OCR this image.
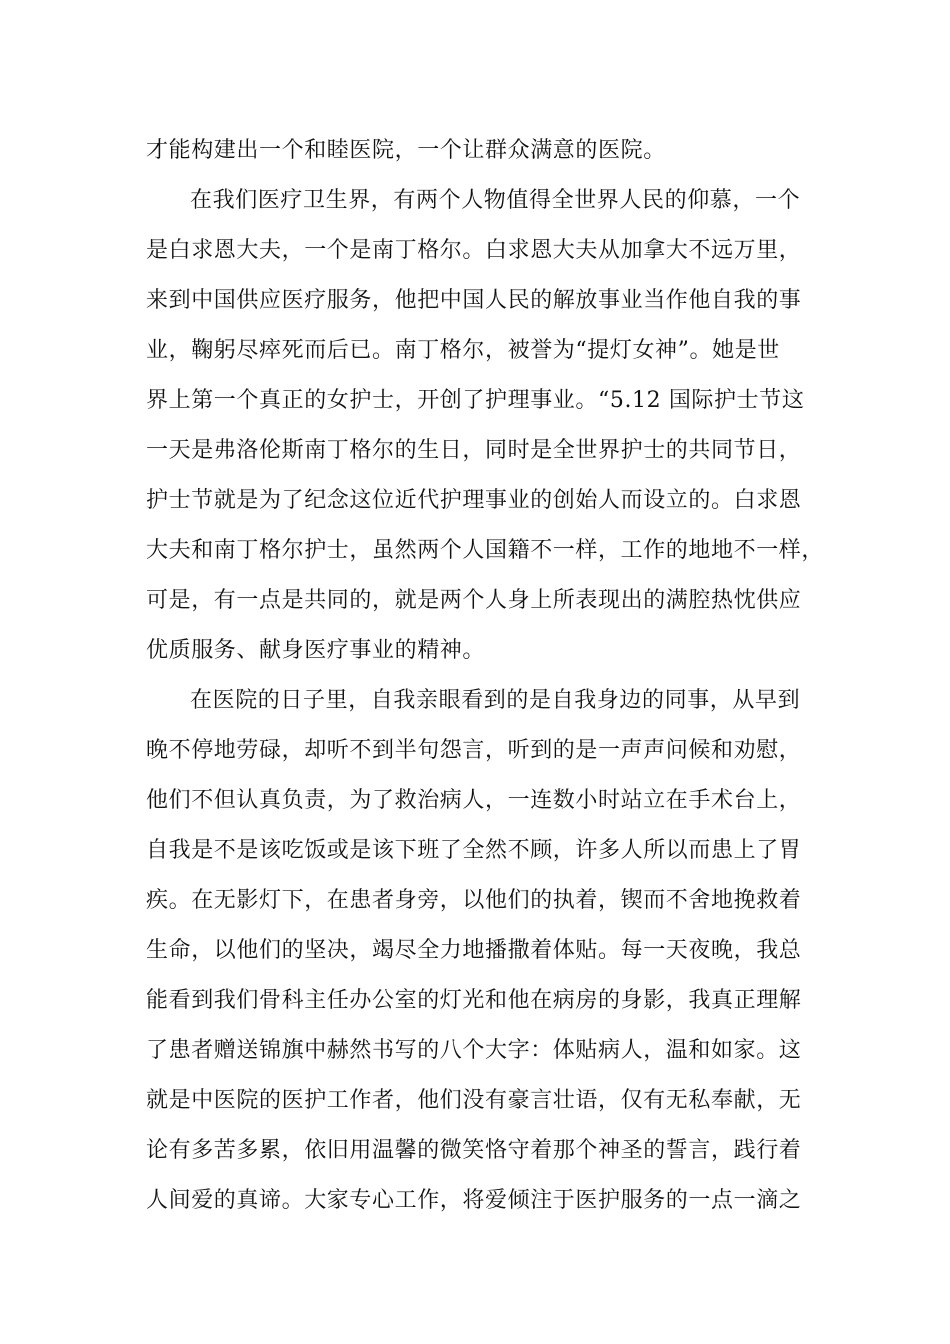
才能构建出一个和睦医院，一个让群众满意的医院。
在我们医疗卫生界，有两个人物值得全世界人民的仰慕，一个
是白求恩大夫，一个是南丁格尔。白求恩大夫从加拿大不远万里，
来到中国供应医疗服务，他把中国人民的解放事业当作他自我的事
业，鞠躬尽瘁死而后已。南丁格尔，被誉为“提灯女神”。她是世
界上第一个真正的女护士，开创了护理事业。“5.12 国际护士节这
一天是弗洛伦斯南丁格尔的生日，同时是全世界护士的共同节日，
护士节就是为了纪念这位近代护理事业的创始人而设立的。白求恩
大夫和南丁格尔护士，虽然两个人国籍不一样，工作的地地不一样，
可是，有一点是共同的，就是两个人身上所表现出的满腔热忱供应
优质服务、献身医疗事业的精神。
在医院的日子里，自我亲眼看到的是自我身边的同事，从早到
晚不停地劳碌，却听不到半句怨言，听到的是一声声问候和劝慰，
他们不但认真负责，为了救治病人，一连数小时站立在手术台上，
自我是不是该吃饭或是该下班了全然不顾，许多人所以而患上了胃
疾。在无影灯下，在患者身旁，以他们的执着，锲而不舍地挽救着
生命，以他们的坚决，竭尽全力地播撒着体贴。每一天夜晚，我总
能看到我们骨科主任办公室的灯光和他在病房的身影，我真正理解
了患者赠送锦旗中赫然书写的八个大字：体贴病人，温和如家。这
就是中医院的医护工作者，他们没有豪言壮语，仅有无私奉献，无
论有多苦多累，依旧用温馨的微笑恪守着那个神圣的誓言，践行着
人间爱的真谛。大家专心工作，将爱倾注于医护服务的一点一滴之
